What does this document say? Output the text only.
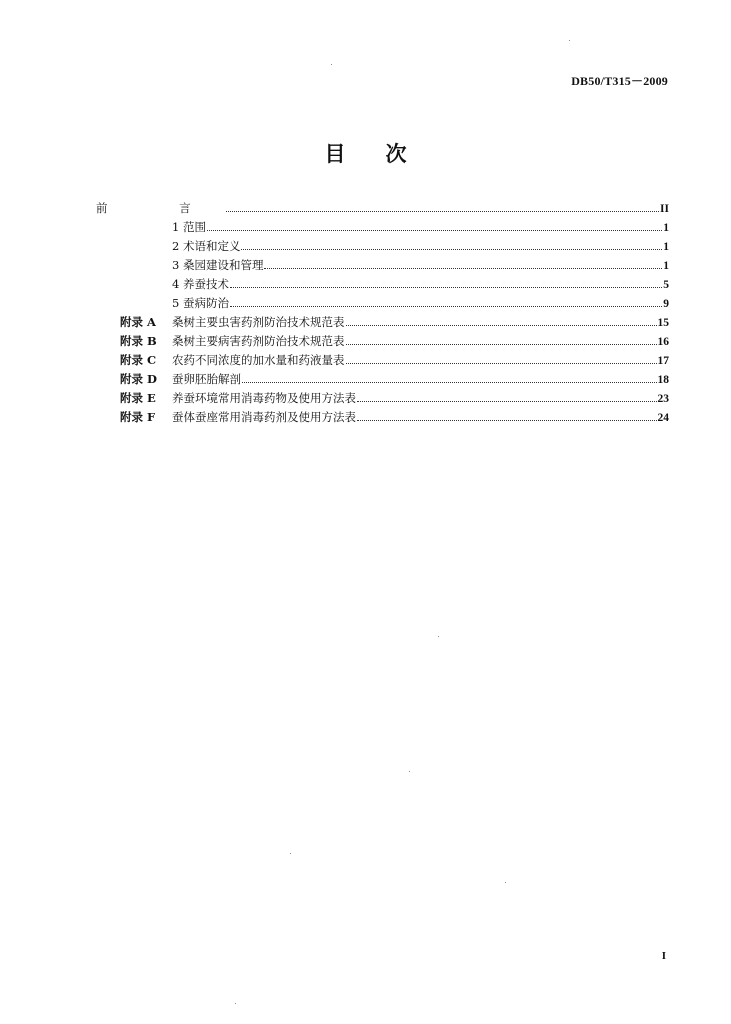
DB50/T315－2009
目次
前 言	II
1 范围	1
2 术语和定义	1
3 桑园建设和管理	1
4 养蚕技术	5
5 蚕病防治	9
附录 A	桑树主要虫害药剂防治技术规范表	15
附录 B	桑树主要病害药剂防治技术规范表	16
附录 C	农药不同浓度的加水量和药液量表	17
附录 D	蚕卵胚胎解剖	18
附录 E	养蚕环境常用消毒药物及使用方法表	23
附录 F	蚕体蚕座常用消毒药剂及使用方法表	24
I
